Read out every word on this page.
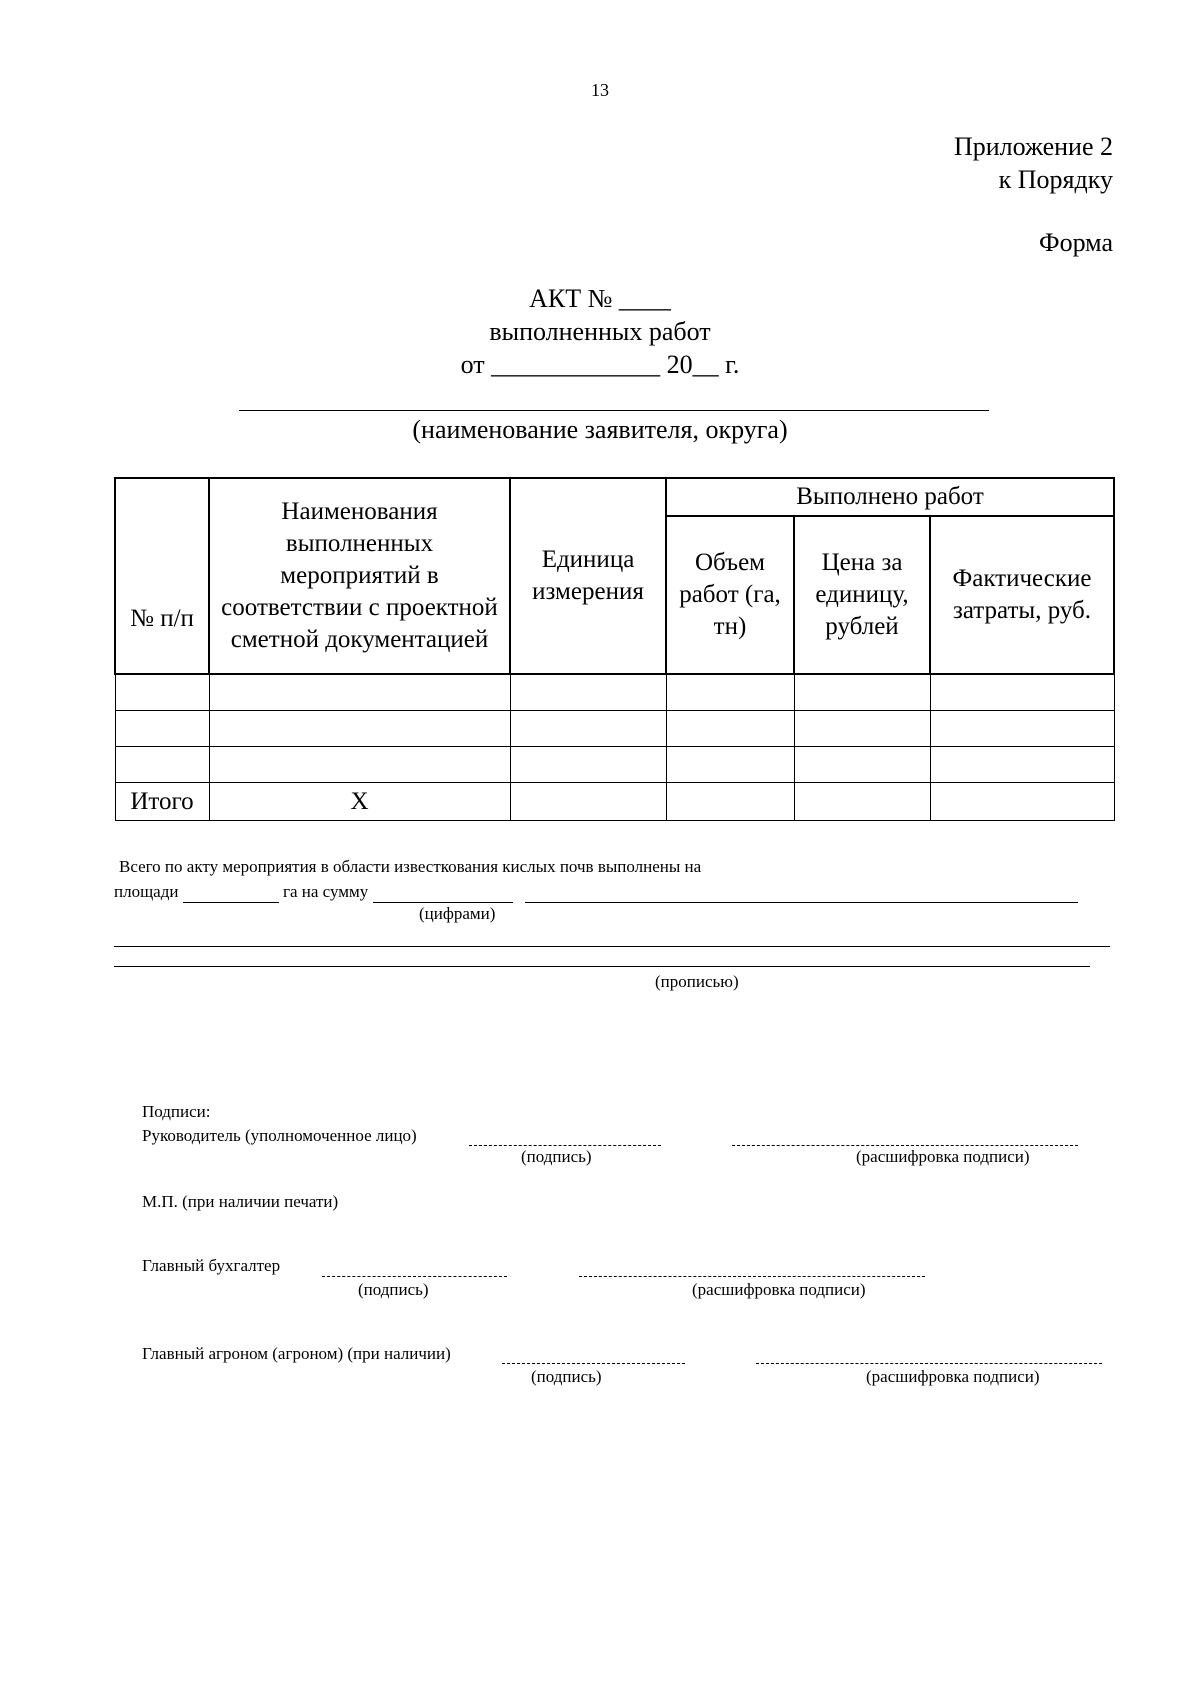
13
Приложение 2
к Порядку
Форма
АКТ № ____
выполненных работ
от _____________ 20__ г.
(наименование заявителя, округа)
№ п/п	Наименования выполненных мероприятий в соответствии с проектной сметной документацией	Единица измерения	Выполнено работ		
			Объем работ (га, тн)	Цена за единицу, рублей	Фактические затраты, руб.

Итого	Х				
Всего по акту мероприятия в области известкования кислых почв выполнены на
площади	га на сумму
(цифрами)
(прописью)
Подписи:
Руководитель (уполномоченное лицо)
(подпись)	(расшифровка подписи)
М.П. (при наличии печати)
Главный бухгалтер
(подпись)	(расшифровка подписи)
Главный агроном (агроном) (при наличии)
(подпись)	(расшифровка подписи)
